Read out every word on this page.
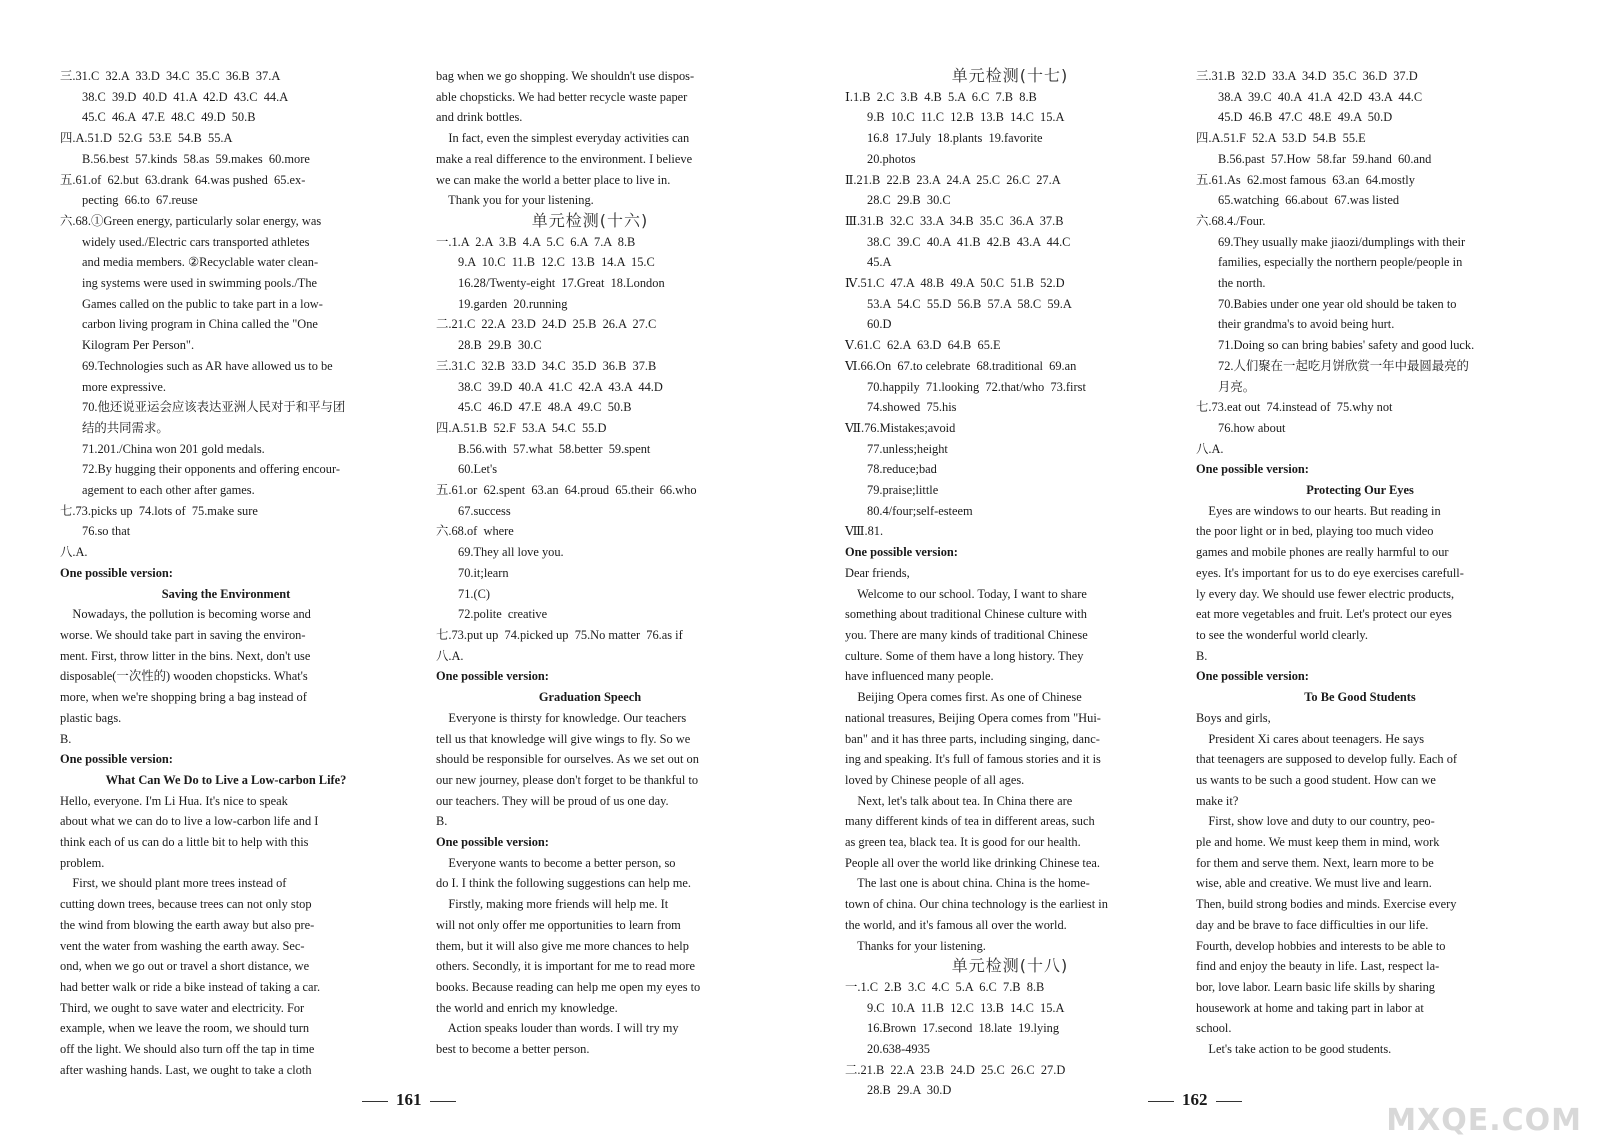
三.31.C  32.A  33.D  34.C  35.C  36.B  37.A

38.C  39.D  40.D  41.A  42.D  43.C  44.A

45.C  46.A  47.E  48.C  49.D  50.B

四.A.51.D  52.G  53.E  54.B  55.A

B.56.best  57.kinds  58.as  59.makes  60.more

五.61.of  62.but  63.drank  64.was pushed  65.ex-

pecting  66.to  67.reuse

六.68.①Green energy, particularly solar energy, was

widely used./Electric cars transported athletes

and media members. ②Recyclable water clean-

ing systems were used in swimming pools./The

Games called on the public to take part in a low-

carbon living program in China called the "One

Kilogram Per Person".

69.Technologies such as AR have allowed us to be

more expressive.

70.他还说亚运会应该表达亚洲人民对于和平与团

结的共同需求。

71.201./China won 201 gold medals.

72.By hugging their opponents and offering encour-

agement to each other after games.

七.73.picks up  74.lots of  75.make sure

76.so that

八.A.

One possible version:

Saving the Environment

Nowadays, the pollution is becoming worse and

worse. We should take part in saving the environ-

ment. First, throw litter in the bins. Next, don't use

disposable(一次性的) wooden chopsticks. What's

more, when we're shopping bring a bag instead of

plastic bags.

B.

One possible version:

What Can We Do to Live a Low-carbon Life?

Hello, everyone. I'm Li Hua. It's nice to speak

about what we can do to live a low-carbon life and I

think each of us can do a little bit to help with this

problem.

First, we should plant more trees instead of

cutting down trees, because trees can not only stop

the wind from blowing the earth away but also pre-

vent the water from washing the earth away. Sec-

ond, when we go out or travel a short distance, we

had better walk or ride a bike instead of taking a car.

Third, we ought to save water and electricity. For

example, when we leave the room, we should turn

off the light. We should also turn off the tap in time

after washing hands. Last, we ought to take a cloth

bag when we go shopping. We shouldn't use dispos-

able chopsticks. We had better recycle waste paper

and drink bottles.

In fact, even the simplest everyday activities can

make a real difference to the environment. I believe

we can make the world a better place to live in.

Thank you for your listening.

单元检测(十六)

一.1.A  2.A  3.B  4.A  5.C  6.A  7.A  8.B

9.A  10.C  11.B  12.C  13.B  14.A  15.C

16.28/Twenty-eight  17.Great  18.London

19.garden  20.running

二.21.C  22.A  23.D  24.D  25.B  26.A  27.C

28.B  29.B  30.C

三.31.C  32.B  33.D  34.C  35.D  36.B  37.B

38.C  39.D  40.A  41.C  42.A  43.A  44.D

45.C  46.D  47.E  48.A  49.C  50.B

四.A.51.B  52.F  53.A  54.C  55.D

B.56.with  57.what  58.better  59.spent

60.Let's

五.61.or  62.spent  63.an  64.proud  65.their  66.who

67.success

六.68.of  where

69.They all love you.

70.it;learn

71.(C)

72.polite  creative

七.73.put up  74.picked up  75.No matter  76.as if

八.A.

One possible version:

Graduation Speech

Everyone is thirsty for knowledge. Our teachers

tell us that knowledge will give wings to fly. So we

should be responsible for ourselves. As we set out on

our new journey, please don't forget to be thankful to

our teachers. They will be proud of us one day.

B.

One possible version:

Everyone wants to become a better person, so

do I. I think the following suggestions can help me.

Firstly, making more friends will help me. It

will not only offer me opportunities to learn from

them, but it will also give me more chances to help

others. Secondly, it is important for me to read more

books. Because reading can help me open my eyes to

the world and enrich my knowledge.

Action speaks louder than words. I will try my

best to become a better person.

单元检测(十七)

Ⅰ.1.B  2.C  3.B  4.B  5.A  6.C  7.B  8.B

9.B  10.C  11.C  12.B  13.B  14.C  15.A

16.8  17.July  18.plants  19.favorite

20.photos

Ⅱ.21.B  22.B  23.A  24.A  25.C  26.C  27.A

28.C  29.B  30.C

Ⅲ.31.B  32.C  33.A  34.B  35.C  36.A  37.B

38.C  39.C  40.A  41.B  42.B  43.A  44.C

45.A

Ⅳ.51.C  47.A  48.B  49.A  50.C  51.B  52.D

53.A  54.C  55.D  56.B  57.A  58.C  59.A

60.D

Ⅴ.61.C  62.A  63.D  64.B  65.E

Ⅵ.66.On  67.to celebrate  68.traditional  69.an

70.happily  71.looking  72.that/who  73.first

74.showed  75.his

Ⅶ.76.Mistakes;avoid

77.unless;height

78.reduce;bad

79.praise;little

80.4/four;self-esteem

Ⅷ.81.

One possible version:

Dear friends,

Welcome to our school. Today, I want to share

something about traditional Chinese culture with

you. There are many kinds of traditional Chinese

culture. Some of them have a long history. They

have influenced many people.

Beijing Opera comes first. As one of Chinese

national treasures, Beijing Opera comes from "Hui-

ban" and it has three parts, including singing, danc-

ing and speaking. It's full of famous stories and it is

loved by Chinese people of all ages.

Next, let's talk about tea. In China there are

many different kinds of tea in different areas, such

as green tea, black tea. It is good for our health.

People all over the world like drinking Chinese tea.

The last one is about china. China is the home-

town of china. Our china technology is the earliest in

the world, and it's famous all over the world.

Thanks for your listening.

单元检测(十八)

一.1.C  2.B  3.C  4.C  5.A  6.C  7.B  8.B

9.C  10.A  11.B  12.C  13.B  14.C  15.A

16.Brown  17.second  18.late  19.lying

20.638-4935

二.21.B  22.A  23.B  24.D  25.C  26.C  27.D

28.B  29.A  30.D

三.31.B  32.D  33.A  34.D  35.C  36.D  37.D

38.A  39.C  40.A  41.A  42.D  43.A  44.C

45.D  46.B  47.C  48.E  49.A  50.D

四.A.51.F  52.A  53.D  54.B  55.E

B.56.past  57.How  58.far  59.hand  60.and

五.61.As  62.most famous  63.an  64.mostly

65.watching  66.about  67.was listed

六.68.4./Four.

69.They usually make jiaozi/dumplings with their

families, especially the northern people/people in

the north.

70.Babies under one year old should be taken to

their grandma's to avoid being hurt.

71.Doing so can bring babies' safety and good luck.

72.人们聚在一起吃月饼欣赏一年中最圆最亮的

月亮。

七.73.eat out  74.instead of  75.why not

76.how about

八.A.

One possible version:

Protecting Our Eyes

Eyes are windows to our hearts. But reading in

the poor light or in bed, playing too much video

games and mobile phones are really harmful to our

eyes. It's important for us to do eye exercises carefull-

ly every day. We should use fewer electric products,

eat more vegetables and fruit. Let's protect our eyes

to see the wonderful world clearly.

B.

One possible version:

To Be Good Students

Boys and girls,

President Xi cares about teenagers. He says

that teenagers are supposed to develop fully. Each of

us wants to be such a good student. How can we

make it?

First, show love and duty to our country, peo-

ple and home. We must keep them in mind, work

for them and serve them. Next, learn more to be

wise, able and creative. We must live and learn.

Then, build strong bodies and minds. Exercise every

day and be brave to face difficulties in our life.

Fourth, develop hobbies and interests to be able to

find and enjoy the beauty in life. Last, respect la-

bor, love labor. Learn basic life skills by sharing

housework at home and taking part in labor at

school.

Let's take action to be good students.

161	162
MXQE.COM
